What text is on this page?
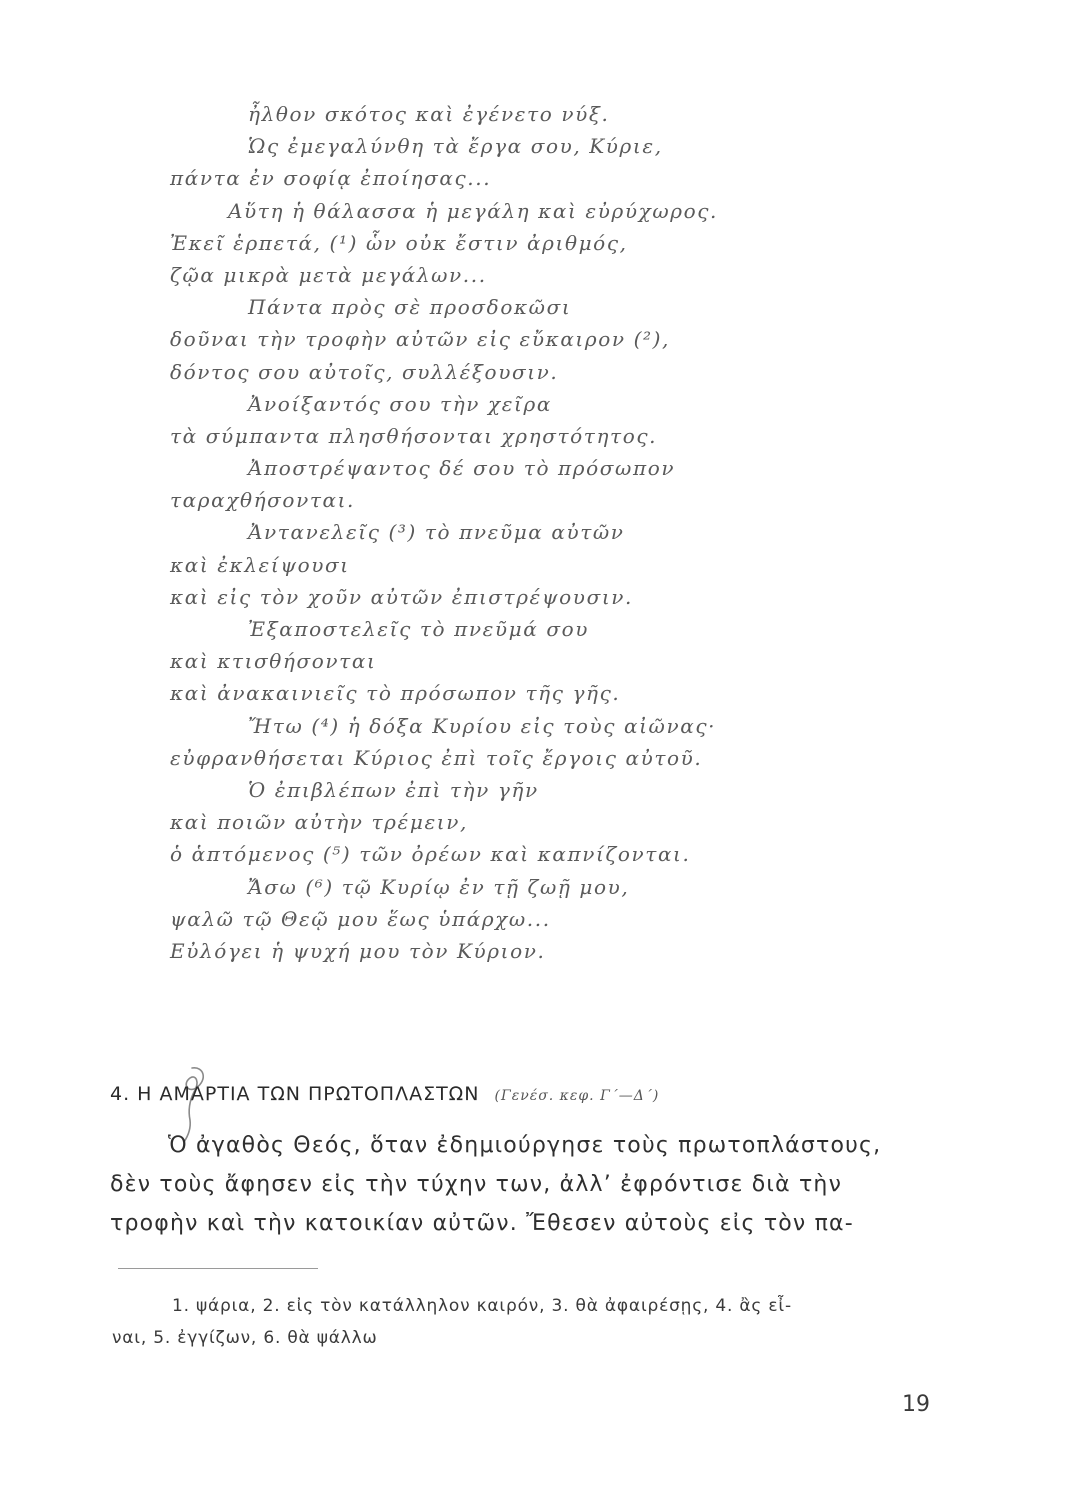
ἦλθον σκότος καὶ ἐγένετο νύξ.
Ὡς ἐμεγαλύνθη τὰ ἔργα σου, Κύριε,
πάντα ἐν σοφίᾳ ἐποίησας...
Αὕτη ἡ θάλασσα ἡ μεγάλη καὶ εὐρύχωρος.
Ἐκεῖ ἑρπετά, (¹) ὧν οὐκ ἔστιν ἀριθμός,
ζῷα μικρὰ μετὰ μεγάλων...
Πάντα πρὸς σὲ προσδοκῶσι
δοῦναι τὴν τροφὴν αὐτῶν εἰς εὔκαιρον (²),
δόντος σου αὐτοῖς, συλλέξουσιν.
Ἀνοίξαντός σου τὴν χεῖρα
τὰ σύμπαντα πλησθήσονται χρηστότητος.
Ἀποστρέψαντος δέ σου τὸ πρόσωπον
ταραχθήσονται.
Ἀντανελεῖς (³) τὸ πνεῦμα αὐτῶν
καὶ ἐκλείψουσι
καὶ εἰς τὸν χοῦν αὐτῶν ἐπιστρέψουσιν.
Ἐξαποστελεῖς τὸ πνεῦμά σου
καὶ κτισθήσονται
καὶ ἀνακαινιεῖς τὸ πρόσωπον τῆς γῆς.
Ἤτω (⁴) ἡ δόξα Κυρίου εἰς τοὺς αἰῶνας·
εὐφρανθήσεται Κύριος ἐπὶ τοῖς ἔργοις αὐτοῦ.
Ὁ ἐπιβλέπων ἐπὶ τὴν γῆν
καὶ ποιῶν αὐτὴν τρέμειν,
ὁ ἁπτόμενος (⁵) τῶν ὀρέων καὶ καπνίζονται.
Ἄσω (⁶) τῷ Κυρίῳ ἐν τῇ ζωῇ μου,
ψαλῶ τῷ Θεῷ μου ἕως ὑπάρχω...
Εὐλόγει ἡ ψυχή μου τὸν Κύριον.
4. Η ΑΜΑΡΤΙΑ ΤΩΝ ΠΡΩΤΟΠΛΑΣΤΩΝ (Γενέσ. κεφ. Γ΄—Δ΄)
Ὁ ἀγαθὸς Θεός, ὅταν ἐδημιούργησε τοὺς πρωτοπλάστους,
δὲν τοὺς ἄφησεν εἰς τὴν τύχην των, ἀλλ’ ἐφρόντισε διὰ τὴν
τροφὴν καὶ τὴν κατοικίαν αὐτῶν. Ἔθεσεν αὐτοὺς εἰς τὸν πα-
1. ψάρια, 2. εἰς τὸν κατάλληλον καιρόν, 3. θὰ ἀφαιρέσῃς, 4. ἂς εἶ-
ναι, 5. ἐγγίζων, 6. θὰ ψάλλω
19
